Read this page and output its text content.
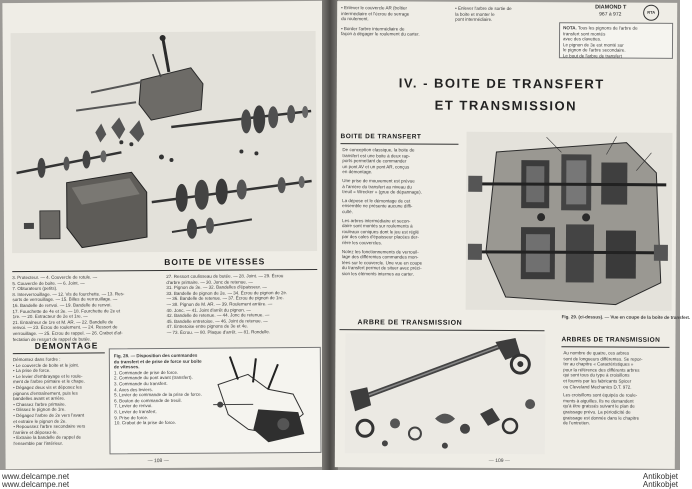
BOITE DE VITESSES
3. Protecteur. — 4. Couvercle de rotule. —
5. Couvercle de boite. — 6. Joint. —
7. Obturateurs (petits).
8. Interverrouillage. — 12. Vis de fourchette. — 13. Res-
sorts de verrouillage. — 15. Billes de verrouillage. —
16. Bandelle de renvoi. — 19. Bandelle de renvoi.
17. Fourchette de 4e et 3e. — 18. Fourchette de 2e et
1re. — 20. Extracteur de 2e et 1re. —
21. Entraîneur de 1re et M. AR. — 22. Bandelle de
renvoi. — 23. Écrou de roulement. — 24. Ressort de
verrouillage. — 25. Ecrou de rappel. — 26. Crabot d'af-
fectation de ressort de rappel de butée.
27. Ressort coulisseau de butée. — 28. Joint. — 29. Écrou
d'arbre primaire. — 30. Jonc de retenue. —
31. Pignon de 3e. — 32. Bandelles d'épaisseur. —
33. Bandelle de pignon de 2e. — 34. Écrou de pignon de 2e.
— 36. Bandelle de retenue. — 37. Écrou de pignon de 1re.
— 38. Pignon de M. AR. — 39. Roulement arrière. —
40. Jonc. — 41. Joint d'arrêt du pignon. —
42. Bandelle de retenue. — 44. Jonc de retenue. —
45. Bandelle entretoise. — 46. Joint de retenue. —
47. Entretoise entre pignons de 3e et 4e.
— 73. Écrou. — 80. Plaque d'arrêt. — 81. Rondelle.
DÉMONTAGE
Démontez dans l'ordre :
• Le couvercle de boite et le joint.
• La prise de force.
• Le levier d'embrayage et le roule-
ment de l'arbre primaire et le chape.
• Dégagez deux vis et déposez les
pignons d'entraînement, puis les
bandelles avant et arrière.
• Chassez l'arbre primaire.
• Glissez le pignon de 1re.
• Dégagez l'arbre de 2e vers l'avant
et extraire le pignon de 2e.
• Repoussez l'arbre secondaire vers
l'arrière et déposez-le.
• Extraire la bandelle de rappel de
l'ensemble par l'intérieur.
Fig. 28. — Disposition des commandes du transfert et de prise de force sur boite de vitesses.
1. Commande de prise de force.
2. Commande du pont avant (transfert).
3. Commande du transfert.
4. Axes des leviers.
5. Levier de commande de la prise de force.
6. Bouton de commande de treuil.
7. Levier de renvoi.
8. Levier de transfert.
9. Prise de force.
10. Crabot de la prise de force.
— 108 —
• Enlever le couvercle AR (boîtier
intermédiaire et l'écrou de serrage
du roulement.
• Border l'arbre intermédiaire de
façon à dégager le roulement du carter.
• Enlever l'arbre de sortie de
la boite et monter le
pont intermédiaire.
DIAMOND T
967 à 972	RTA
NOTA. Tous les pignons de l'arbre de
transfert sont montés
avec des clavettes.
Le pignon de 3e est monté sur
le pignon de l'arbre secondaire.
Le bout de l'arbre de transfert
IV. - BOITE DE TRANSFERT
ET TRANSMISSION
BOITE DE TRANSFERT
De conception classique, la boite de
transfert est une boite à deux rap-
ports permettant de commander
un pont AV et un pont AR, conçus
en démontage.
Une prise de mouvement est prévue
à l'arrière du transfert au niveau du
treuil « Wrecker » (grue de dépannage).
La dépose et le démontage de cet
ensemble ne présente aucune diffi-
culté.
Les arbres intermédiaire et secon-
daire sont montés sur roulements à
rouleaux coniques dont le jeu est réglé
par des cales d'épaisseur placées der-
rière les couvercles.
Notez les fonctionnements de verrouil-
lage des différentes commandes mon-
tées sur le couvercle. Une vue en coupe
du transfert permet de situer avec préci-
sion les éléments internes au carter.
Fig. 29. (ci-dessus). — Vue en coupe de la boite de transfert.
ARBRE DE TRANSMISSION
ARBRES DE TRANSMISSION
Au nombre de quatre, ces arbres
sont de longueurs différentes. Se repor-
ter au chapitre « Caractéristiques »
pour la référence des différents arbres
qui sont tous du type à croisillons
et fournis par les fabricants Spicer
ou Cleveland Mechanics D.T. 972.
Les croisillons sont équipés de roule-
ments à aiguilles. Ils ne demandent
qu'à être graissés suivant le plan de
graissage prévu. La périodicité de
graissage est donnée dans le chapitre
de l'entretien.
— 109 —
www.delcampe.net
www.delcampe.net
Antikobjet
Antikobjet
